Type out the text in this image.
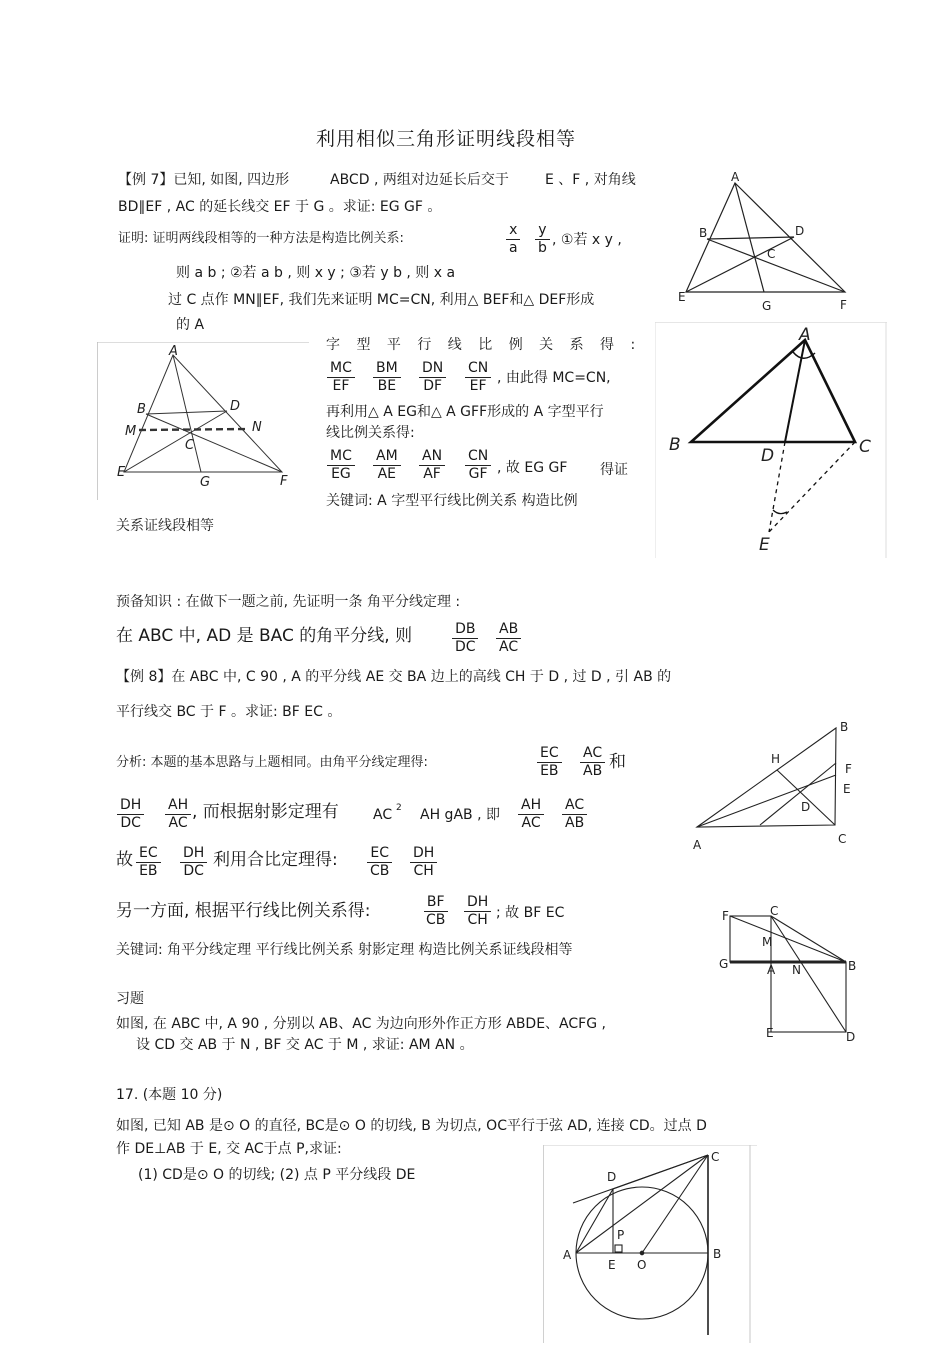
利用相似三角形证明线段相等
【例 7】已知, 如图, 四边形	ABCD , 两组对边延长后交于	E 、F , 对角线
BD∥EF , AC 的延长线交 EF 于 G 。求证: EG GF 。
证明: 证明两线段相等的一种方法是构造比例关系:	$\frac{x}{a} \frac{y}{b}$ , ①若 x y ,
则 a b ; ②若 a b , 则 x y ; ③若 y b , 则 x a
过 C 点作 MN∥EF, 我们先来证明 MC=CN, 利用△ BEF和△ DEF形成
的 A
字 型 平 行 线 比 例 关 系 得 :
$\frac{MC}{EF} \frac{BM}{BE} \frac{DN}{DF} \frac{CN}{EF}$ , 由此得 MC=CN,
再利用△ A EG和△ A GFF形成的 A 字型平行
线比例关系得:
$\frac{MC}{EG} \frac{AM}{AE} \frac{AN}{AF} \frac{CN}{GF}$ , 故 EG GF 得证
关键词: A 字型平行线比例关系 构造比例
关系证线段相等
预备知识 : 在做下一题之前, 先证明一条 角平分线定理 :
在 ABC 中, AD 是 BAC 的角平分线, 则	$\frac{DB}{DC} \frac{AB}{AC}$
【例 8】在 ABC 中, C 90 , A 的平分线 AE 交 BA 边上的高线 CH 于 D , 过 D , 引 AB 的
平行线交 BC 于 F 。求证: BF EC 。
分析: 本题的基本思路与上题相同。由角平分线定理得:	$\frac{EC}{EB} \frac{AC}{AB}$ 和
$\frac{DH}{DC} \frac{AH}{AC}$ , 而根据射影定理有 AC 2 AH gAB , 即 $\frac{AH}{AC} \frac{AC}{AB}$
故 $\frac{EC}{EB} \frac{DH}{DC}$ 利用合比定理得: $\frac{EC}{CB} \frac{DH}{CH}$
另一方面, 根据平行线比例关系得:	$\frac{BF}{CB} \frac{DH}{CH}$ ; 故 BF EC
关键词: 角平分线定理 平行线比例关系 射影定理 构造比例关系证线段相等
习题
如图, 在 ABC 中, A 90 , 分别以 AB、AC 为边向形外作正方形 ABDE、ACFG ,
设 CD 交 AB 于 N , BF 交 AC 于 M , 求证: AM AN 。
17. (本题 10 分)
如图, 已知 AB 是⊙ O 的直径, BC是⊙ O 的切线, B 为切点, OC平行于弦 AD, 连接 CD。过点 D
作 DE⊥AB 于 E, 交 AC于点 P,求证:
(1) CD是⊙ O 的切线; (2) 点 P 平分线段 DE
A
B	D
C
E
G	F
A
B	D
M	N
C
E
G	F
A
B	C
D
E
B
H
F
E
D
C
A
F	C
M
G	A N	B
E	D
D
C
P
A
E O
B
